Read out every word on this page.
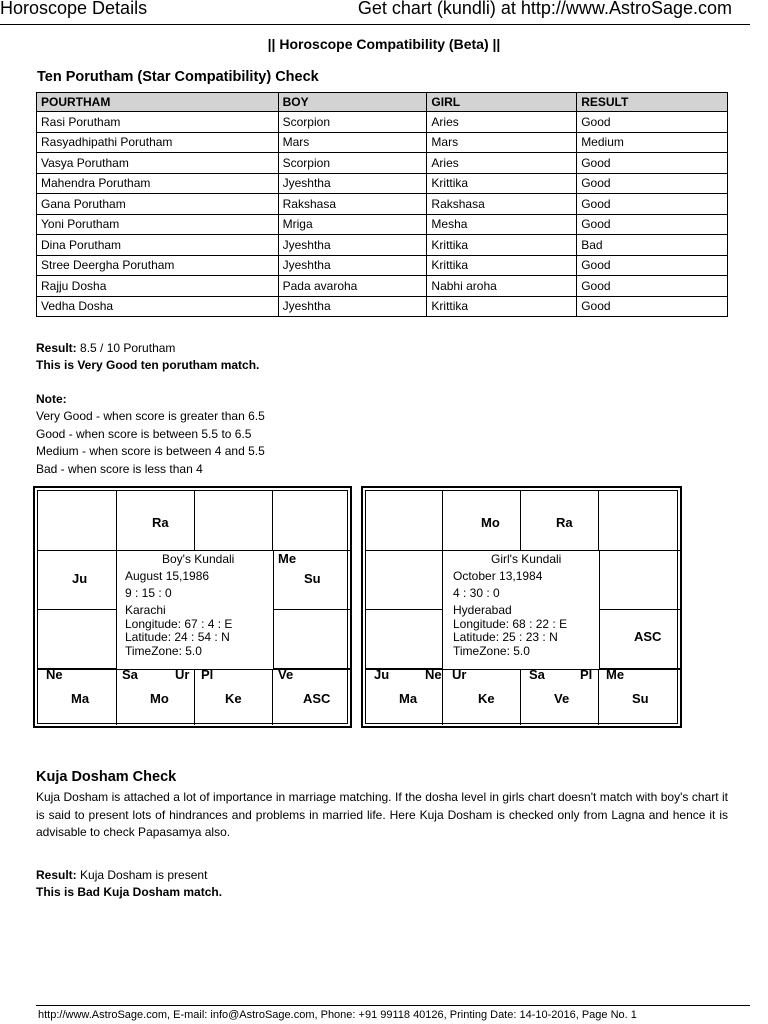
Horoscope Details	Get chart (kundli) at http://www.AstroSage.com
|| Horoscope Compatibility (Beta) ||
Ten Porutham (Star Compatibility) Check
POURTHAM	BOY	GIRL	RESULT
Rasi Porutham	Scorpion	Aries	Good
Rasyadhipathi Porutham	Mars	Mars	Medium
Vasya Porutham	Scorpion	Aries	Good
Mahendra Porutham	Jyeshtha	Krittika	Good
Gana Porutham	Rakshasa	Rakshasa	Good
Yoni Porutham	Mriga	Mesha	Good
Dina Porutham	Jyeshtha	Krittika	Bad
Stree Deergha Porutham	Jyeshtha	Krittika	Good
Rajju Dosha	Pada avaroha	Nabhi aroha	Good
Vedha Dosha	Jyeshtha	Krittika	Good
Result: 8.5 / 10 Porutham
This is Very Good ten porutham match.
Note:
Very Good - when score is greater than 6.5
Good - when score is between 5.5 to 6.5
Medium - when score is between 4 and 5.5
Bad - when score is less than 4
Ra
Ju
Me
Su
Ne	Sa	Ur Pl	Ve
Ma	Mo	Ke	ASC
Boy's Kundali
August 15,1986
9 : 15 : 0
Karachi
Longitude: 67 : 4 : E
Latitude: 24 : 54 : N
TimeZone: 5.0
Mo	Ra
ASC
Ju	Ne Ur	Sa	Pl Me
Ma	Ke	Ve	Su
Girl's Kundali
October 13,1984
4 : 30 : 0
Hyderabad
Longitude: 68 : 22 : E
Latitude: 25 : 23 : N
TimeZone: 5.0
Kuja Dosham Check
Kuja Dosham is attached a lot of importance in marriage matching. If the dosha level in girls chart doesn't match with boy's chart it is said to present lots of hindrances and problems in married life. Here Kuja Dosham is checked only from Lagna and hence it is advisable to check Papasamya also.
Result: Kuja Dosham is present
This is Bad Kuja Dosham match.
http://www.AstroSage.com, E-mail: info@AstroSage.com, Phone: +91 99118 40126, Printing Date: 14-10-2016, Page No. 1
